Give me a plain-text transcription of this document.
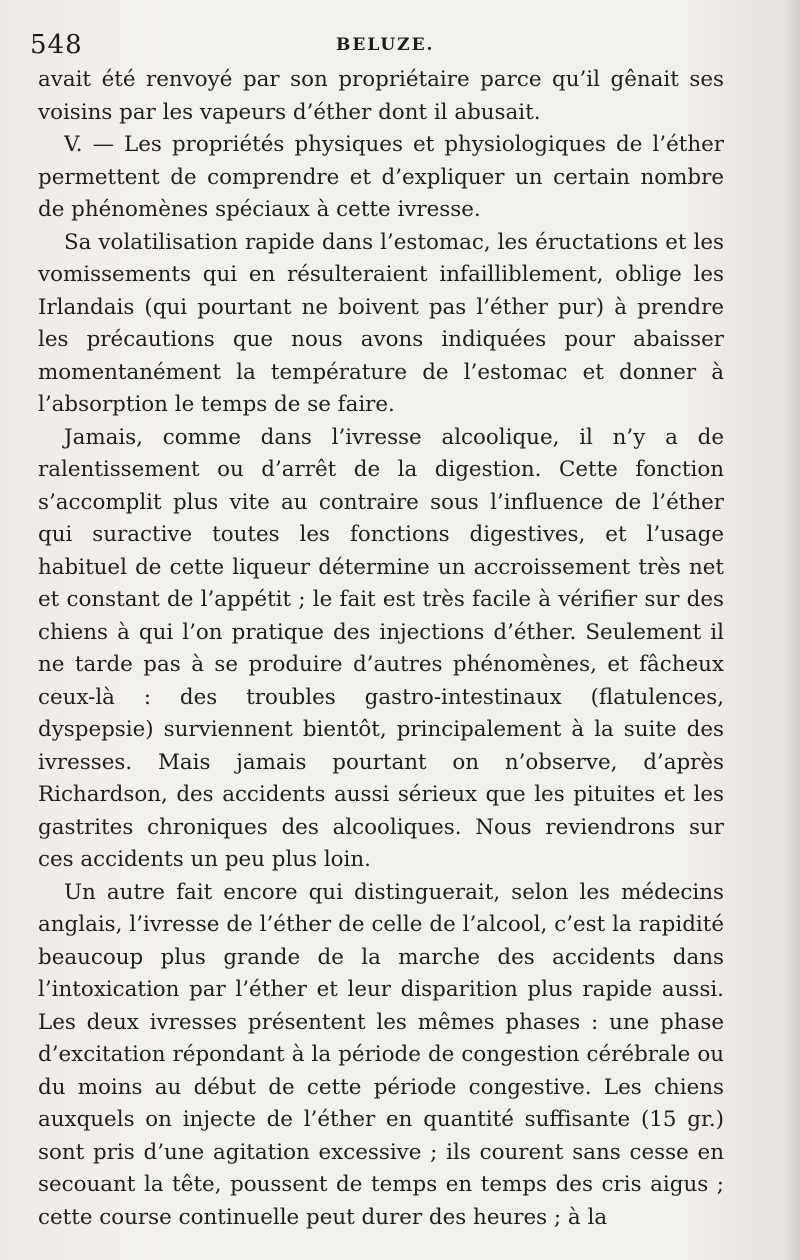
548	BELUZE.

avait été renvoyé par son propriétaire parce qu’il gênait ses voisins par les vapeurs d’éther dont il abusait.

V. — Les propriétés physiques et physiologiques de l’éther permettent de comprendre et d’expliquer un certain nombre de phénomènes spéciaux à cette ivresse.

Sa volatilisation rapide dans l’estomac, les éructations et les vomissements qui en résulteraient infailliblement, oblige les Irlandais (qui pourtant ne boivent pas l’éther pur) à prendre les précautions que nous avons indiquées pour abaisser momentanément la température de l’estomac et donner à l’absorption le temps de se faire.

Jamais, comme dans l’ivresse alcoolique, il n’y a de ralentissement ou d’arrêt de la digestion. Cette fonction s’accomplit plus vite au contraire sous l’influence de l’éther qui suractive toutes les fonctions digestives, et l’usage habituel de cette liqueur détermine un accroissement très net et constant de l’appétit ; le fait est très facile à vérifier sur des chiens à qui l’on pratique des injections d’éther. Seulement il ne tarde pas à se produire d’autres phénomènes, et fâcheux ceux-là : des troubles gastro-intestinaux (flatulences, dyspepsie) surviennent bientôt, principalement à la suite des ivresses. Mais jamais pourtant on n’observe, d’après Richardson, des accidents aussi sérieux que les pituites et les gastrites chroniques des alcooliques. Nous reviendrons sur ces accidents un peu plus loin.

Un autre fait encore qui distinguerait, selon les médecins anglais, l’ivresse de l’éther de celle de l’alcool, c’est la rapidité beaucoup plus grande de la marche des accidents dans l’intoxication par l’éther et leur disparition plus rapide aussi. Les deux ivresses présentent les mêmes phases : une phase d’excitation répondant à la période de congestion cérébrale ou du moins au début de cette période congestive. Les chiens auxquels on injecte de l’éther en quantité suffisante (15 gr.) sont pris d’une agitation excessive ; ils courent sans cesse en secouant la tête, poussent de temps en temps des cris aigus ; cette course continuelle peut durer des heures ; à la
